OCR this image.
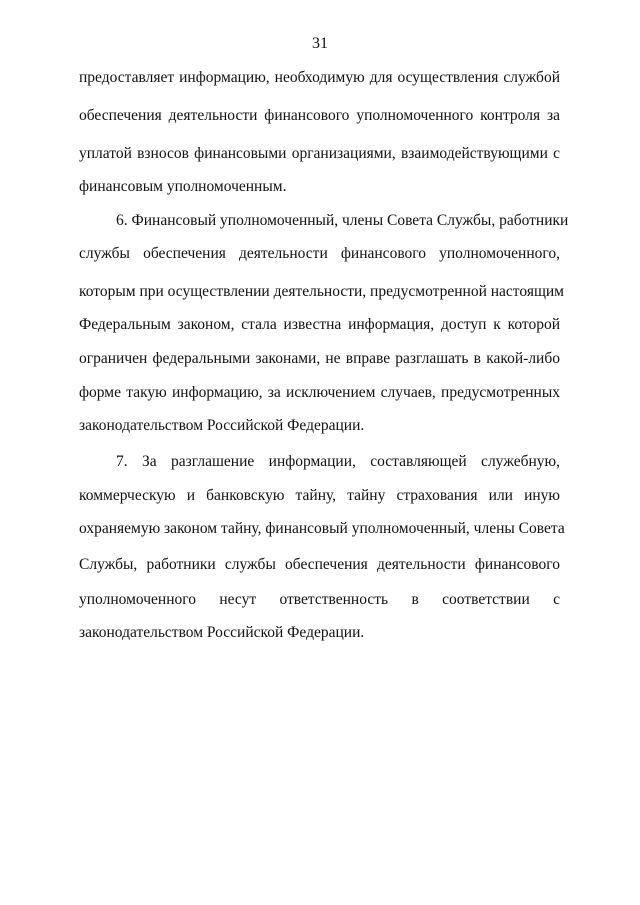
31
предоставляет информацию, необходимую для осуществления службой
обеспечения деятельности финансового уполномоченного контроля за
уплатой взносов финансовыми организациями, взаимодействующими с
финансовым уполномоченным.
6. Финансовый уполномоченный, члены Совета Службы, работники
службы обеспечения деятельности финансового уполномоченного,
которым при осуществлении деятельности, предусмотренной настоящим
Федеральным законом, стала известна информация, доступ к которой
ограничен федеральными законами, не вправе разглашать в какой-либо
форме такую информацию, за исключением случаев, предусмотренных
законодательством Российской Федерации.
7. За разглашение информации, составляющей служебную,
коммерческую и банковскую тайну, тайну страхования или иную
охраняемую законом тайну, финансовый уполномоченный, члены Совета
Службы, работники службы обеспечения деятельности финансового
уполномоченного несут ответственность в соответствии с
законодательством Российской Федерации.
